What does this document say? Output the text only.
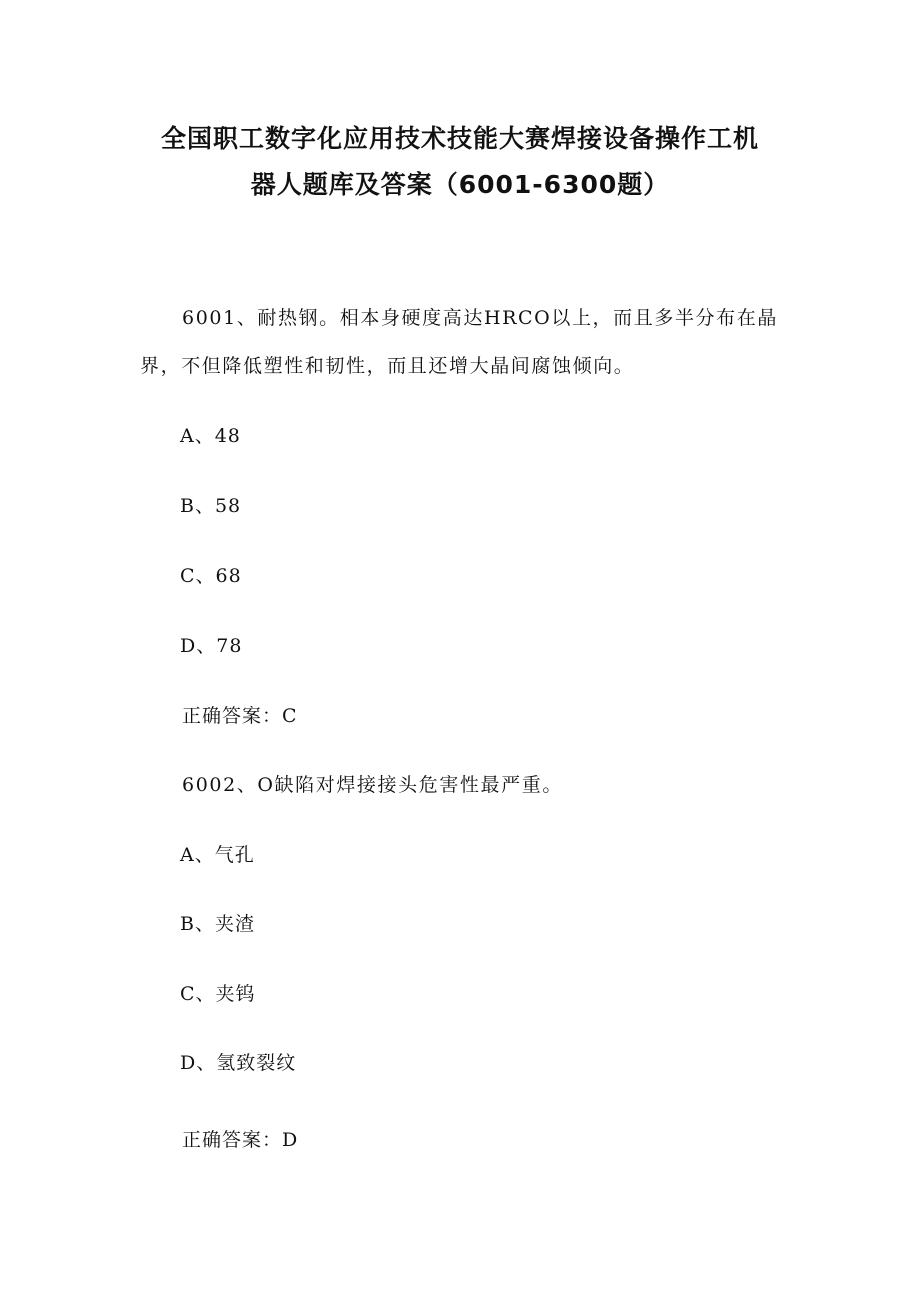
全国职工数字化应用技术技能大赛焊接设备操作工机
器人题库及答案（6001-6300题）

6001、耐热钢。相本身硬度高达HRCO以上，而且多半分布在晶

界，不但降低塑性和韧性，而且还增大晶间腐蚀倾向。

A、48

B、58

C、68

D、78

正确答案：C

6002、O缺陷对焊接接头危害性最严重。

A、气孔

B、夹渣

C、夹钨

D、氢致裂纹

正确答案：D
